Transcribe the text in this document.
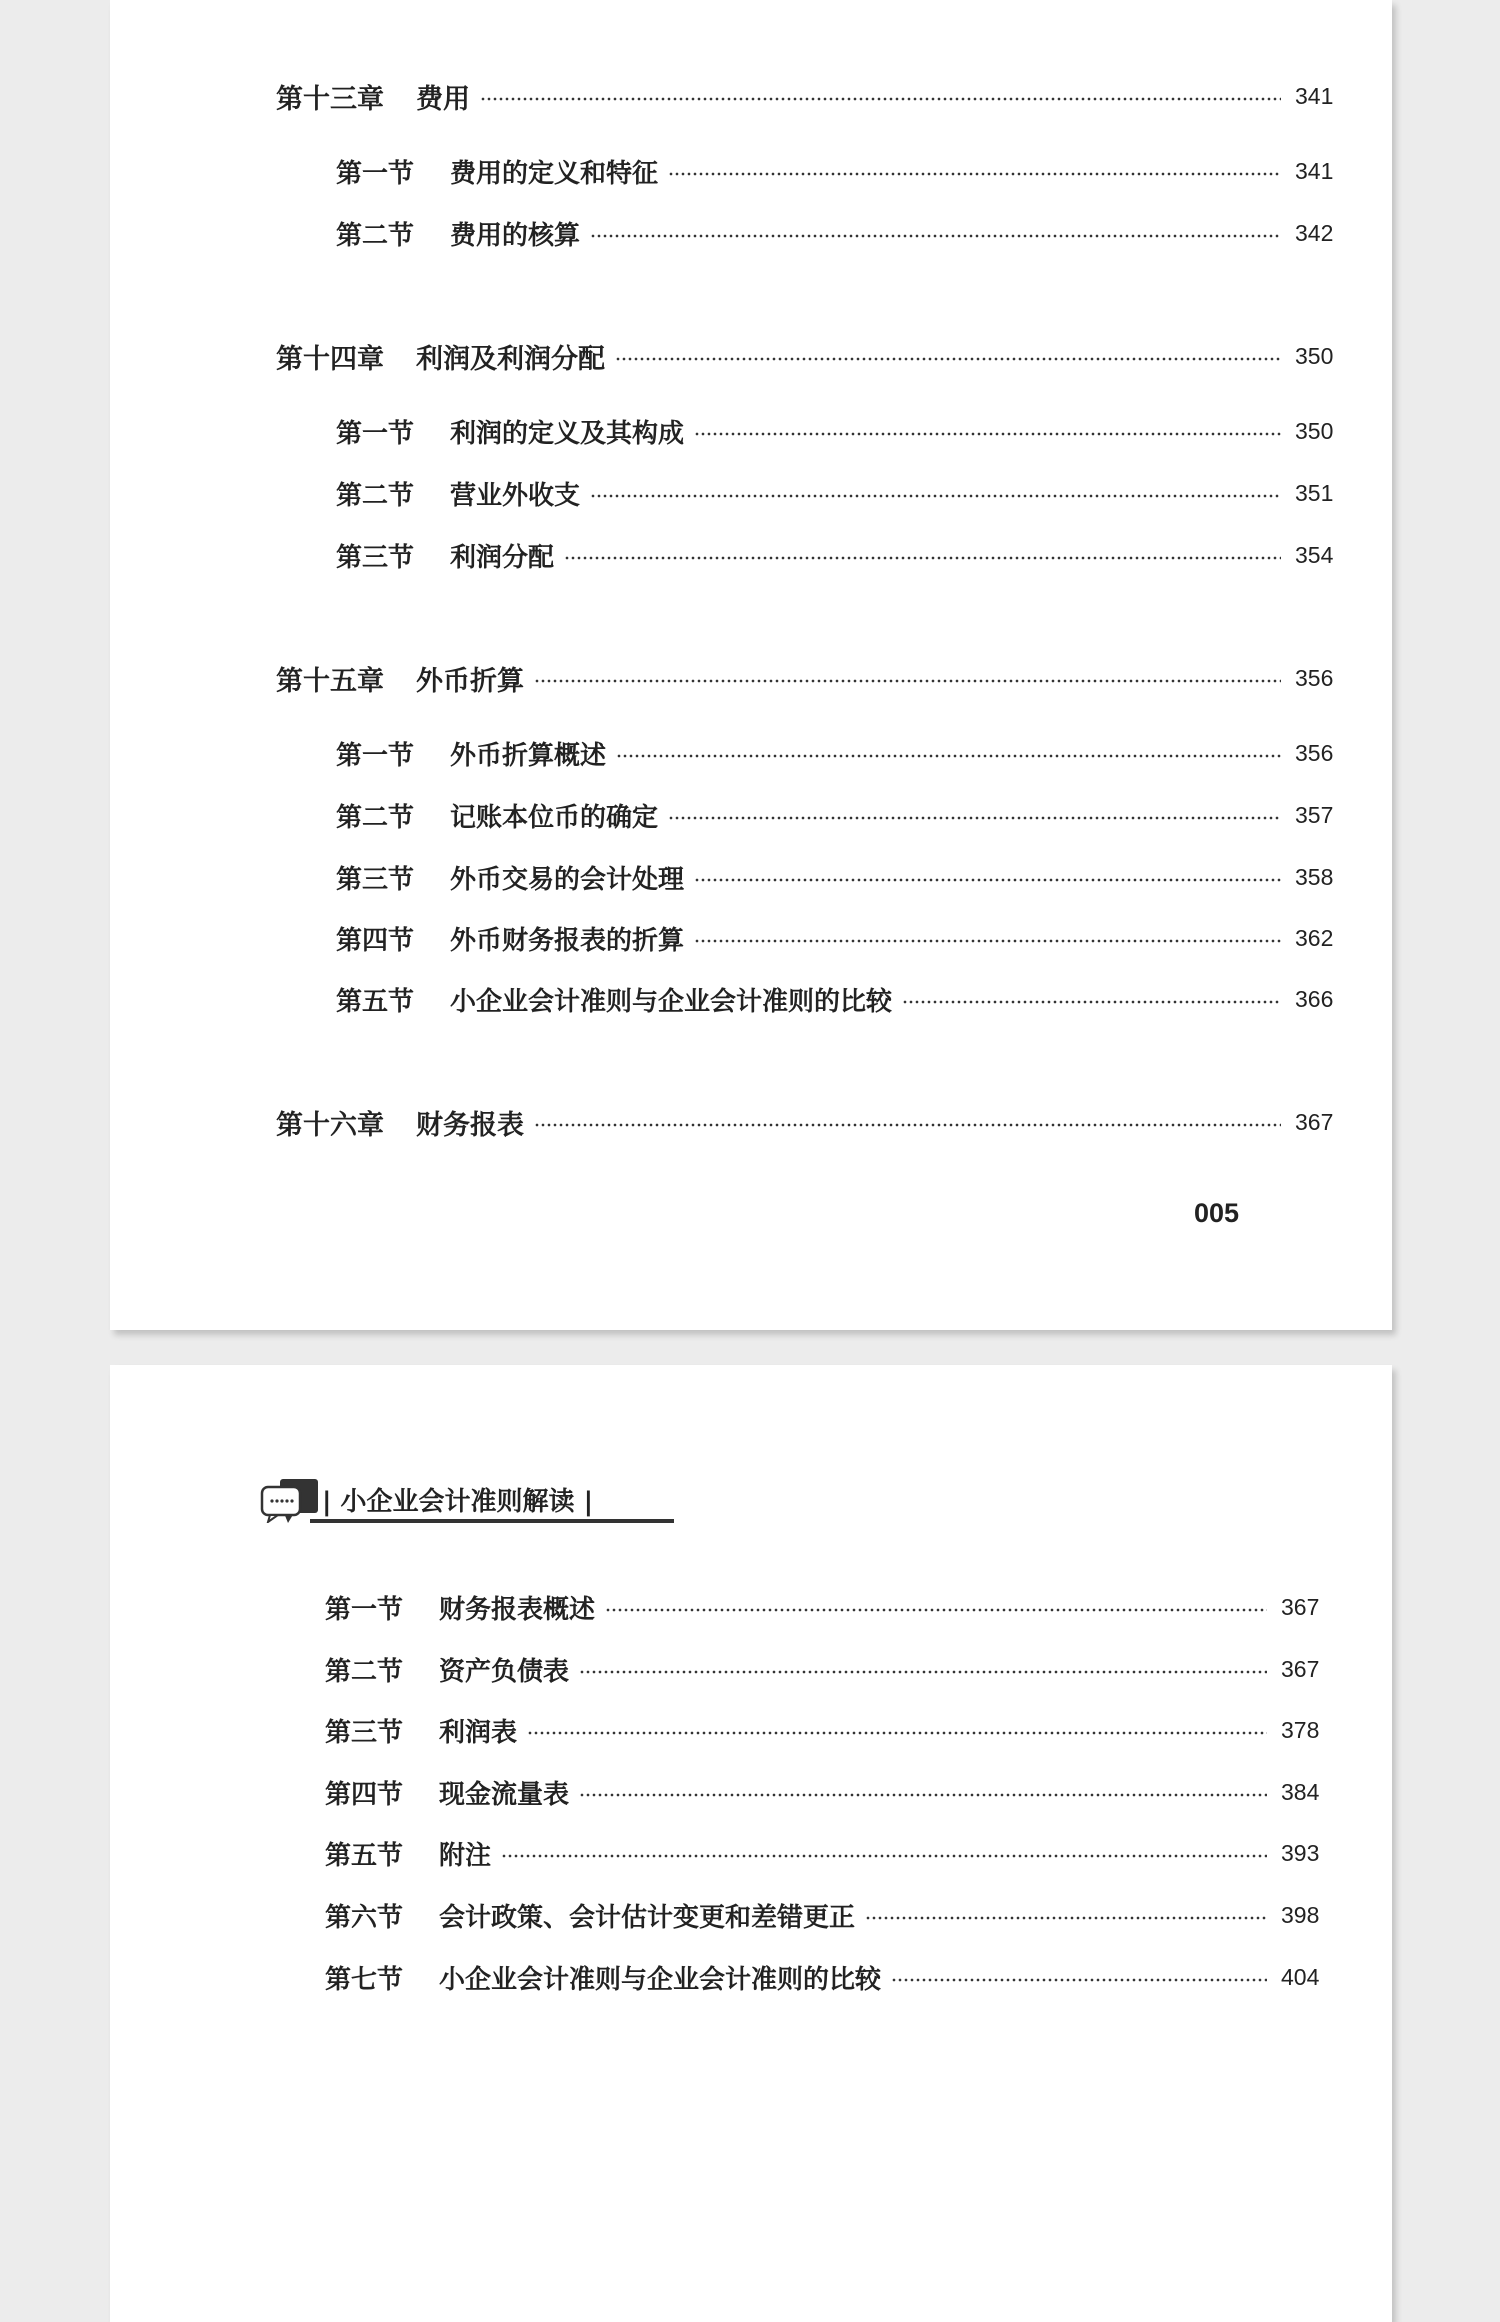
第十三章	费用	341
第一节	费用的定义和特征	341
第二节	费用的核算	342
第十四章	利润及利润分配	350
第一节	利润的定义及其构成	350
第二节	营业外收支	351
第三节	利润分配	354
第十五章	外币折算	356
第一节	外币折算概述	356
第二节	记账本位币的确定	357
第三节	外币交易的会计处理	358
第四节	外币财务报表的折算	362
第五节	小企业会计准则与企业会计准则的比较	366
第十六章	财务报表	367
005
| 小企业会计准则解读 |
第一节	财务报表概述	367
第二节	资产负债表	367
第三节	利润表	378
第四节	现金流量表	384
第五节	附注	393
第六节	会计政策、会计估计变更和差错更正	398
第七节	小企业会计准则与企业会计准则的比较	404
